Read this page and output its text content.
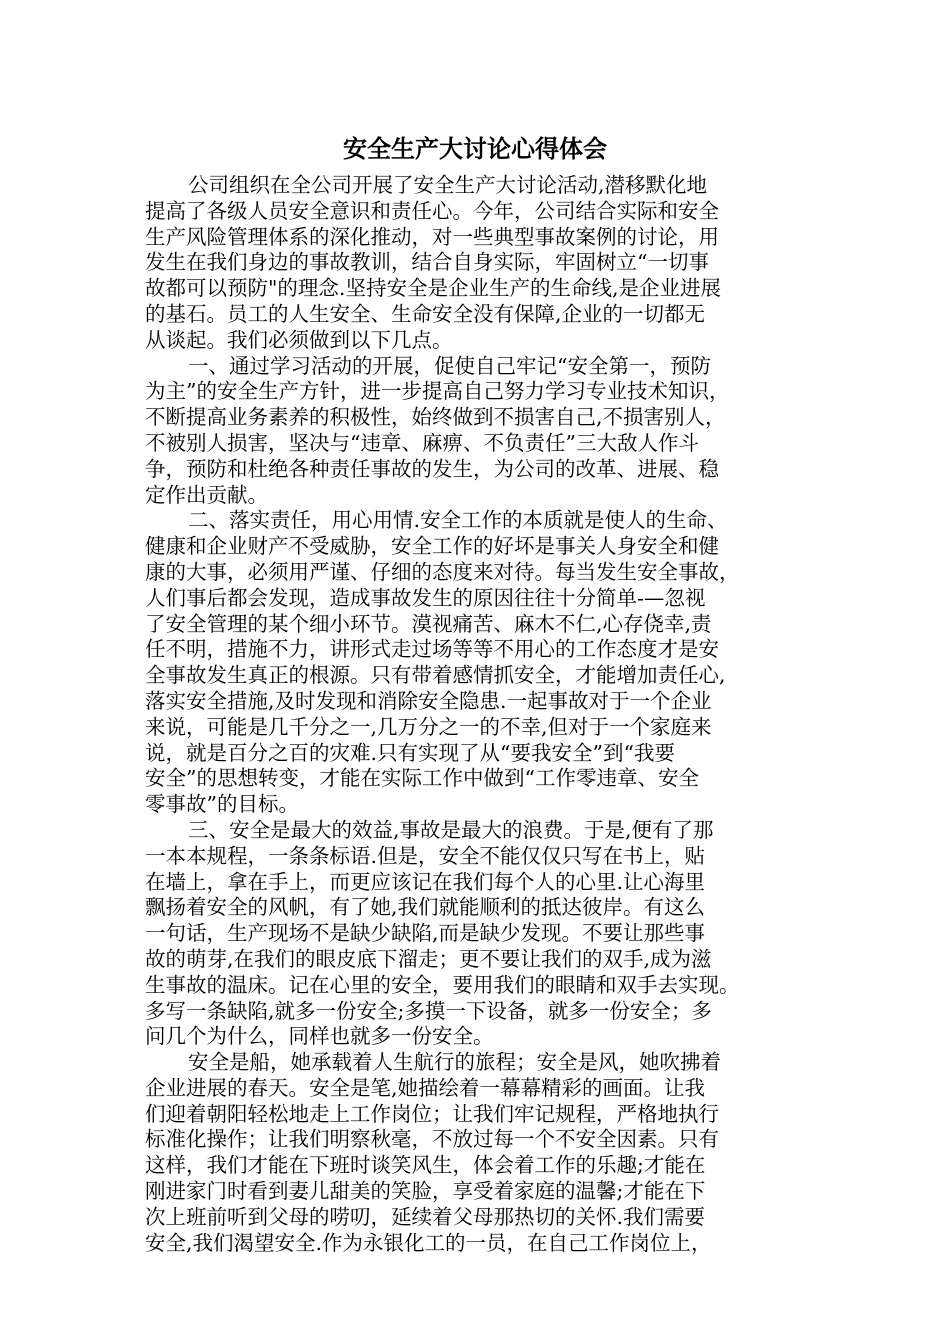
安全生产大讨论心得体会
公司组织在全公司开展了安全生产大讨论活动,潜移默化地
提高了各级人员安全意识和责任心。今年，公司结合实际和安全
生产风险管理体系的深化推动，对一些典型事故案例的讨论，用
发生在我们身边的事故教训，结合自身实际，牢固树立“一切事
故都可以预防"的理念.坚持安全是企业生产的生命线,是企业进展
的基石。员工的人生安全、生命安全没有保障,企业的一切都无
从谈起。我们必须做到以下几点。
一、通过学习活动的开展，促使自己牢记“安全第一，预防
为主”的安全生产方针，进一步提高自己努力学习专业技术知识，
不断提高业务素养的积极性，始终做到不损害自己,不损害别人，
不被别人损害，坚决与“违章、麻痹、不负责任”三大敌人作斗
争，预防和杜绝各种责任事故的发生，为公司的改革、进展、稳
定作出贡献。
二、落实责任，用心用情.安全工作的本质就是使人的生命、
健康和企业财产不受威胁，安全工作的好坏是事关人身安全和健
康的大事，必须用严谨、仔细的态度来对待。每当发生安全事故，
人们事后都会发现，造成事故发生的原因往往十分简单-—忽视
了安全管理的某个细小环节。漠视痛苦、麻木不仁,心存侥幸,责
任不明，措施不力，讲形式走过场等等不用心的工作态度才是安
全事故发生真正的根源。只有带着感情抓安全，才能增加责任心,
落实安全措施,及时发现和消除安全隐患.一起事故对于一个企业
来说，可能是几千分之一,几万分之一的不幸,但对于一个家庭来
说，就是百分之百的灾难.只有实现了从“要我安全”到“我要
安全”的思想转变，才能在实际工作中做到“工作零违章、安全
零事故”的目标。
三、安全是最大的效益,事故是最大的浪费。于是,便有了那
一本本规程，一条条标语.但是，安全不能仅仅只写在书上，贴
在墙上，拿在手上，而更应该记在我们每个人的心里.让心海里
飘扬着安全的风帆，有了她,我们就能顺利的抵达彼岸。有这么
一句话，生产现场不是缺少缺陷,而是缺少发现。不要让那些事
故的萌芽,在我们的眼皮底下溜走；更不要让我们的双手,成为滋
生事故的温床。记在心里的安全，要用我们的眼睛和双手去实现。
多写一条缺陷,就多一份安全;多摸一下设备，就多一份安全；多
问几个为什么，同样也就多一份安全。
安全是船，她承载着人生航行的旅程；安全是风，她吹拂着
企业进展的春天。安全是笔,她描绘着一幕幕精彩的画面。让我
们迎着朝阳轻松地走上工作岗位；让我们牢记规程，严格地执行
标准化操作；让我们明察秋毫，不放过每一个不安全因素。只有
这样，我们才能在下班时谈笑风生，体会着工作的乐趣;才能在
刚进家门时看到妻儿甜美的笑脸，享受着家庭的温馨;才能在下
次上班前听到父母的唠叨，延续着父母那热切的关怀.我们需要
安全,我们渴望安全.作为永银化工的一员，在自己工作岗位上，
